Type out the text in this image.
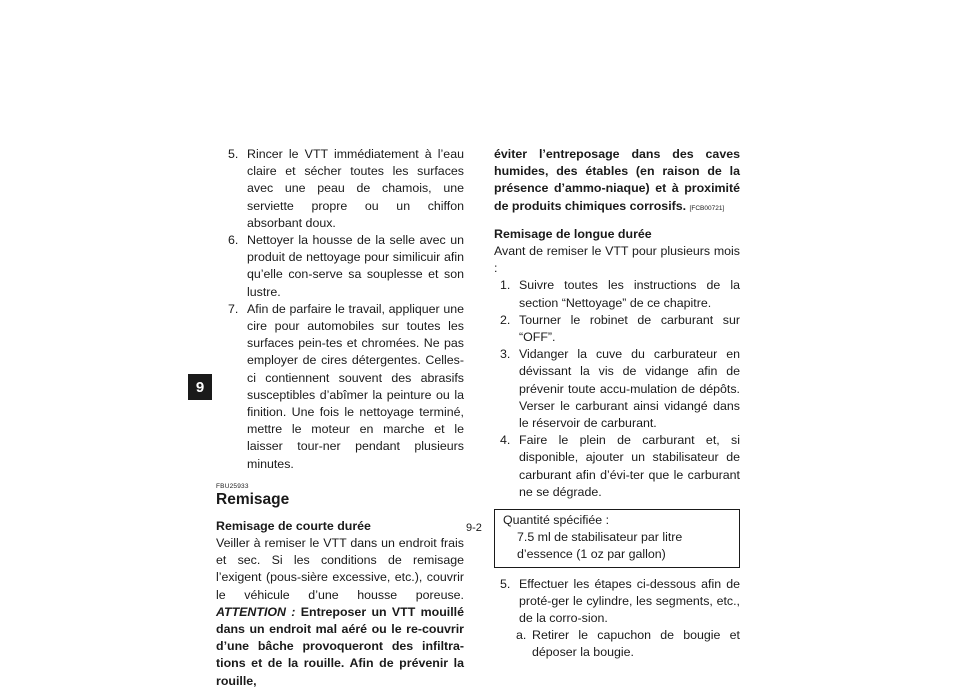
9
5. Rincer le VTT immédiatement à l’eau claire et sécher toutes les surfaces avec une peau de chamois, une serviette propre ou un chiffon absorbant doux.
6. Nettoyer la housse de la selle avec un produit de nettoyage pour similicuir afin qu’elle con-serve sa souplesse et son lustre.
7. Afin de parfaire le travail, appliquer une cire pour automobiles sur toutes les surfaces pein-tes et chromées. Ne pas employer de cires détergentes. Celles-ci contiennent souvent des abrasifs susceptibles d’abîmer la peinture ou la finition. Une fois le nettoyage terminé, mettre le moteur en marche et le laisser tour-ner pendant plusieurs minutes.
FBU25933
Remisage

Remisage de courte durée

Veiller à remiser le VTT dans un endroit frais et sec. Si les conditions de remisage l’exigent (pous-sière excessive, etc.), couvrir le véhicule d’une housse poreuse. ATTENTION : Entreposer un VTT mouillé dans un endroit mal aéré ou le re-couvrir d’une bâche provoqueront des infiltra-tions et de la rouille. Afin de prévenir la rouille,

éviter l’entreposage dans des caves humides, des étables (en raison de la présence d’ammo-niaque) et à proximité de produits chimiques corrosifs. [FCB00721]

Remisage de longue durée

Avant de remiser le VTT pour plusieurs mois :

1. Suivre toutes les instructions de la section “Nettoyage” de ce chapitre.
2. Tourner le robinet de carburant sur “OFF”.
3. Vidanger la cuve du carburateur en dévissant la vis de vidange afin de prévenir toute accu-mulation de dépôts. Verser le carburant ainsi vidangé dans le réservoir de carburant.
4. Faire le plein de carburant et, si disponible, ajouter un stabilisateur de carburant afin d’évi-ter que le carburant ne se dégrade.
Quantité spécifiée :
7.5 ml de stabilisateur par litre d’essence (1 oz par gallon)
5. Effectuer les étapes ci-dessous afin de proté-ger le cylindre, les segments, etc., de la corro-sion.
a. Retirer le capuchon de bougie et déposer la bougie.
9-2
